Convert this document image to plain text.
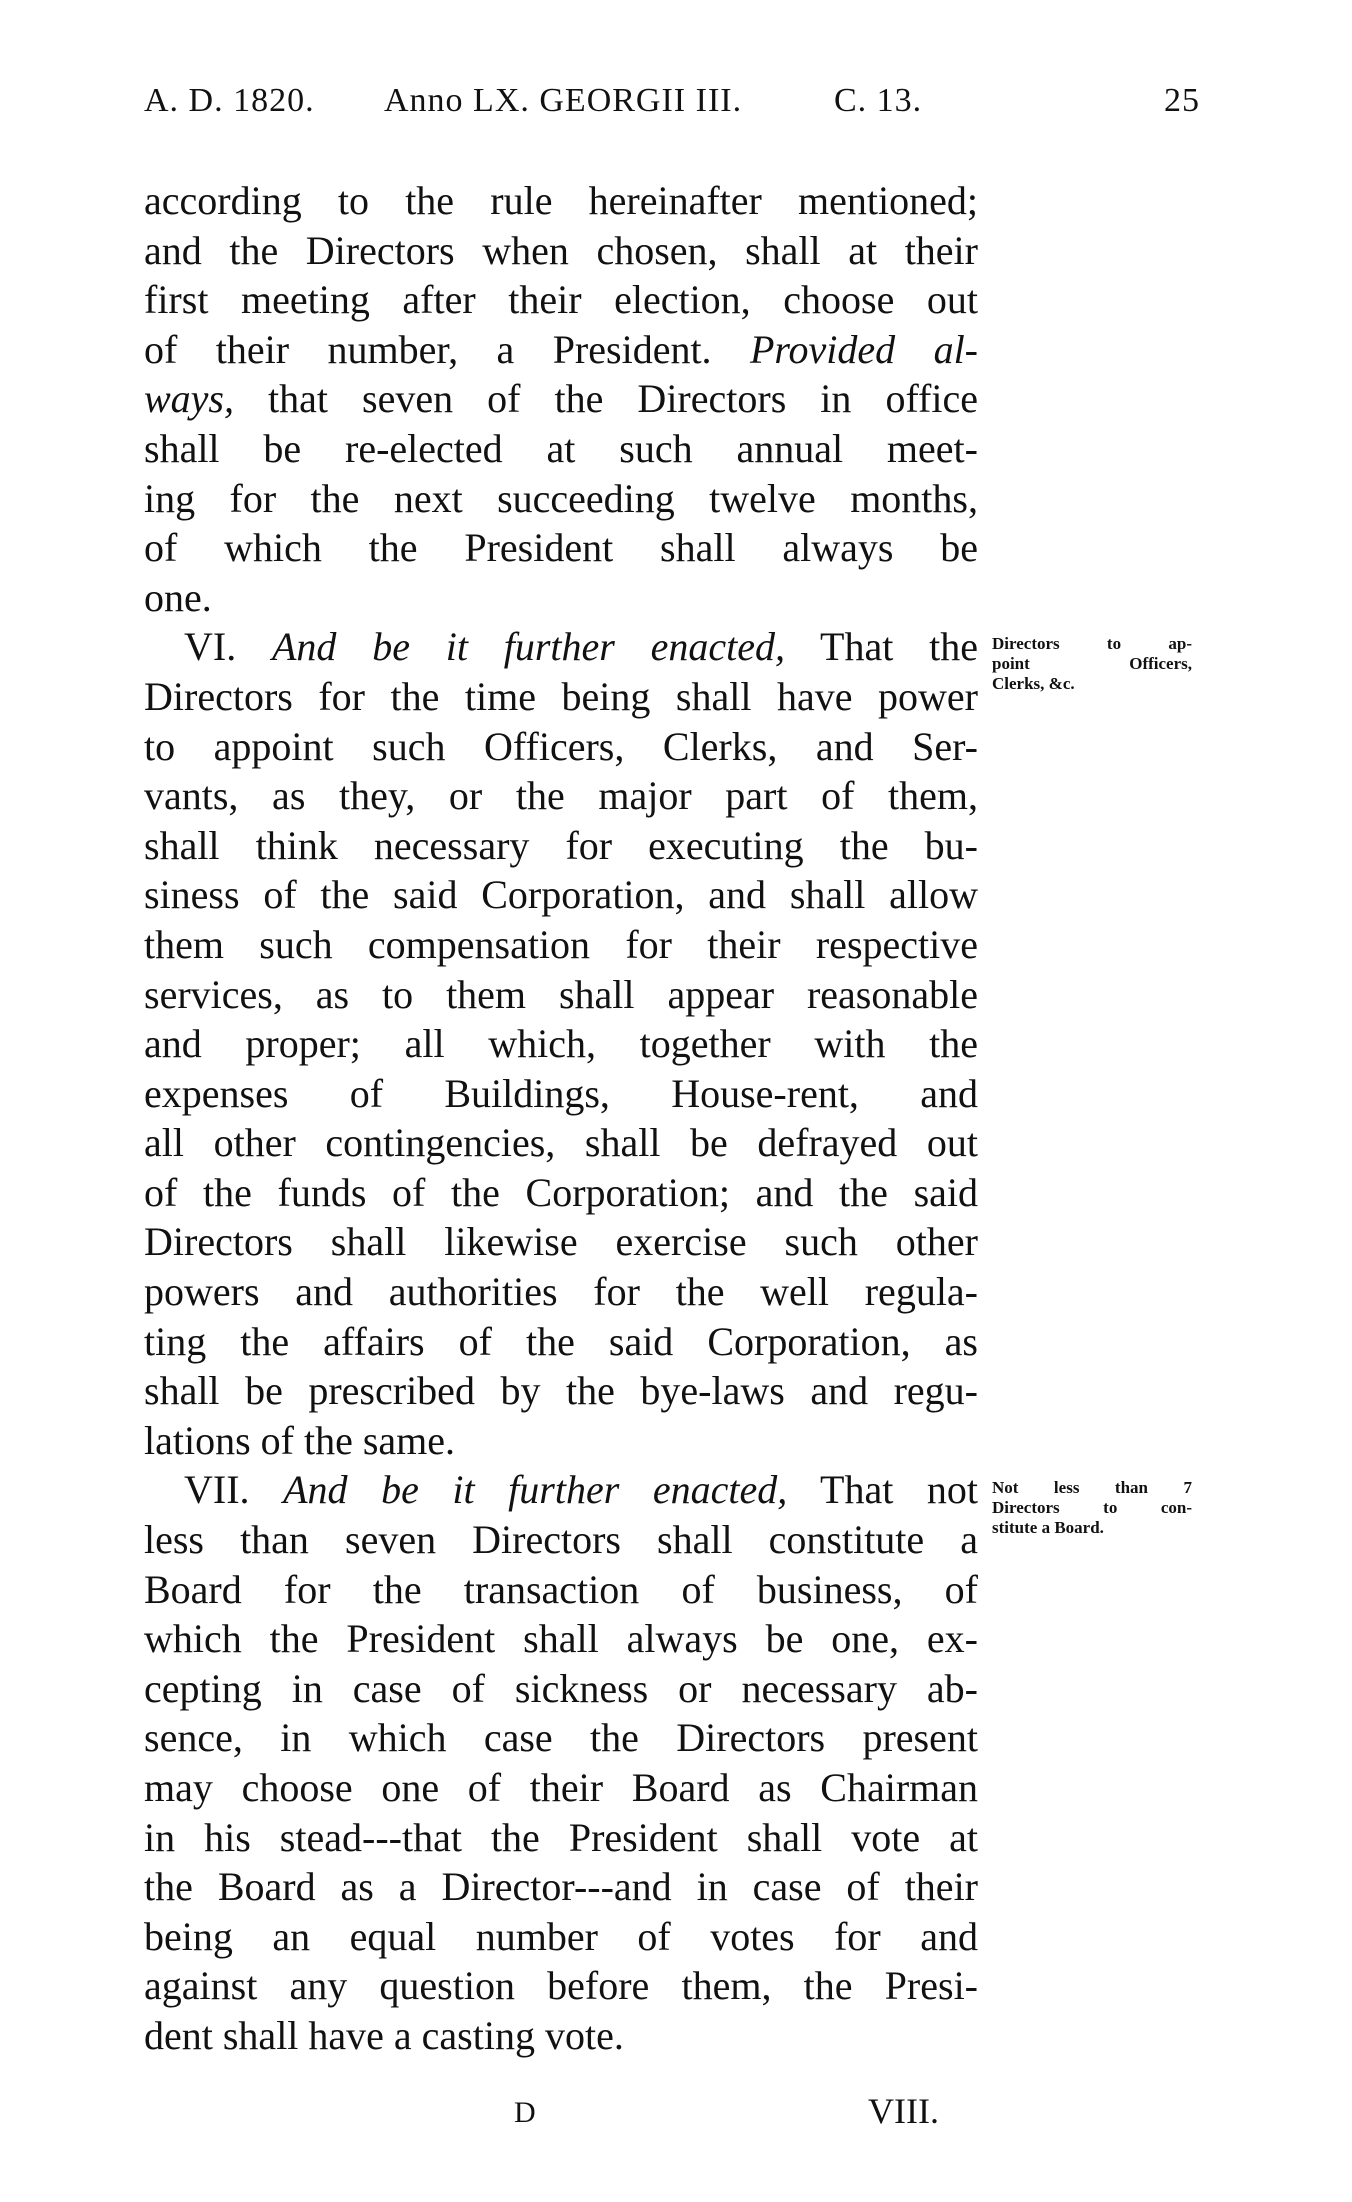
A. D. 1820. Anno LX. GEORGII III.	C. 13.	25
according to the rule hereinafter mentioned;
and the Directors when chosen, shall at their
first meeting after their election, choose out
of their number, a President. Provided al-
ways, that seven of the Directors in office
shall be re-elected at such annual meet-
ing for the next succeeding twelve months,
of which the President shall always be
one.
VI. And be it further enacted, That the
Directors for the time being shall have power
to appoint such Officers, Clerks, and Ser-
vants, as they, or the major part of them,
shall think necessary for executing the bu-
siness of the said Corporation, and shall allow
them such compensation for their respective
services, as to them shall appear reasonable
and proper; all which, together with the
expenses of Buildings, House-rent, and
all other contingencies, shall be defrayed out
of the funds of the Corporation; and the said
Directors shall likewise exercise such other
powers and authorities for the well regula-
ting the affairs of the said Corporation, as
shall be prescribed by the bye-laws and regu-
lations of the same.
VII. And be it further enacted, That not
less than seven Directors shall constitute a
Board for the transaction of business, of
which the President shall always be one, ex-
cepting in case of sickness or necessary ab-
sence, in which case the Directors present
may choose one of their Board as Chairman
in his stead---that the President shall vote at
the Board as a Director---and in case of their
being an equal number of votes for and
against any question before them, the Presi-
dent shall have a casting vote.
Directors to ap-
point Officers,
Clerks, &c.
Not less than 7
Directors to con-
stitute a Board.
D	VIII.
